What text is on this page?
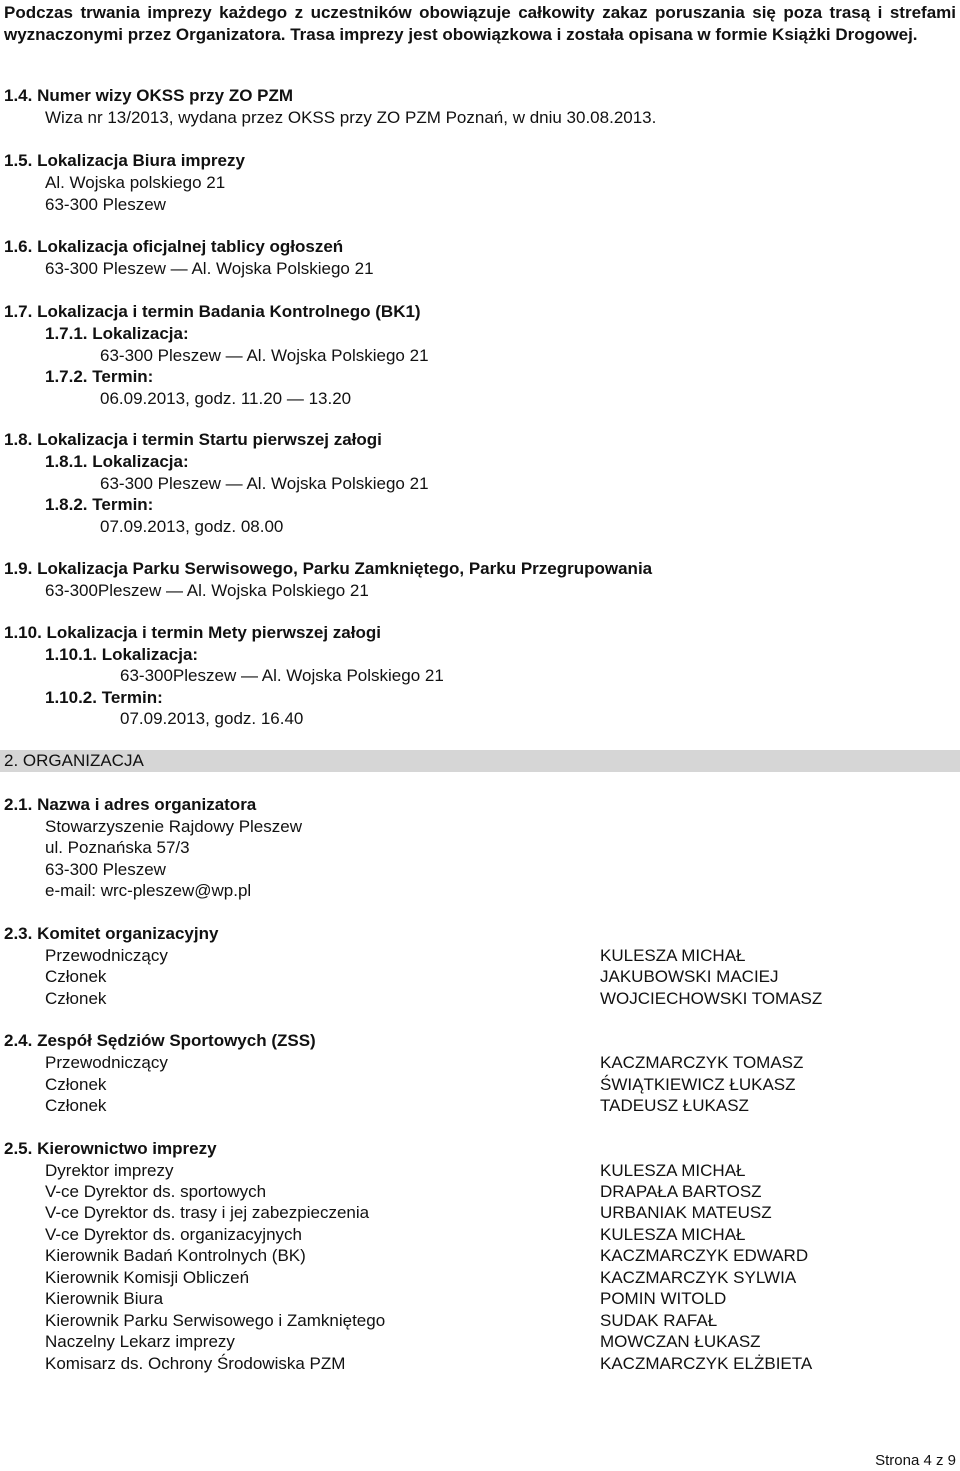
Podczas trwania imprezy każdego z uczestników obowiązuje całkowity zakaz poruszania się poza trasą i strefami wyznaczonymi przez Organizatora. Trasa imprezy jest obowiązkowa i została opisana w formie Książki Drogowej.
1.4. Numer wizy OKSS przy ZO PZM
Wiza nr 13/2013, wydana przez OKSS przy ZO PZM Poznań, w dniu 30.08.2013.
1.5. Lokalizacja Biura imprezy
Al. Wojska polskiego 21
63-300 Pleszew
1.6. Lokalizacja oficjalnej tablicy ogłoszeń
63-300 Pleszew — Al. Wojska Polskiego 21
1.7. Lokalizacja i termin Badania Kontrolnego (BK1)
1.7.1. Lokalizacja:
63-300 Pleszew — Al. Wojska Polskiego 21
1.7.2. Termin:
06.09.2013, godz. 11.20 — 13.20
1.8. Lokalizacja i termin Startu pierwszej załogi
1.8.1. Lokalizacja:
63-300 Pleszew — Al. Wojska Polskiego 21
1.8.2. Termin:
07.09.2013, godz. 08.00
1.9. Lokalizacja Parku Serwisowego, Parku Zamkniętego, Parku Przegrupowania
63-300Pleszew — Al. Wojska Polskiego 21
1.10. Lokalizacja i termin Mety pierwszej załogi
1.10.1. Lokalizacja:
63-300Pleszew — Al. Wojska Polskiego 21
1.10.2. Termin:
07.09.2013, godz. 16.40
2. ORGANIZACJA
2.1. Nazwa i adres organizatora
Stowarzyszenie Rajdowy Pleszew
ul. Poznańska 57/3
63-300 Pleszew
e-mail: wrc-pleszew@wp.pl
2.3. Komitet organizacyjny
Przewodniczący	KULESZA MICHAŁ
Członek	JAKUBOWSKI MACIEJ
Członek	WOJCIECHOWSKI TOMASZ
2.4. Zespół Sędziów Sportowych (ZSS)
Przewodniczący	KACZMARCZYK TOMASZ
Członek	ŚWIĄTKIEWICZ ŁUKASZ
Członek	TADEUSZ ŁUKASZ
2.5. Kierownictwo imprezy
Dyrektor imprezy	KULESZA MICHAŁ
V-ce Dyrektor ds. sportowych	DRAPAŁA BARTOSZ
V-ce Dyrektor ds. trasy i jej zabezpieczenia	URBANIAK MATEUSZ
V-ce Dyrektor ds. organizacyjnych	KULESZA MICHAŁ
Kierownik Badań Kontrolnych (BK)	KACZMARCZYK EDWARD
Kierownik Komisji Obliczeń	KACZMARCZYK SYLWIA
Kierownik Biura	POMIN WITOLD
Kierownik Parku Serwisowego i Zamkniętego	SUDAK RAFAŁ
Naczelny Lekarz imprezy	MOWCZAN ŁUKASZ
Komisarz ds. Ochrony Środowiska PZM	KACZMARCZYK ELŻBIETA
Strona 4 z 9
